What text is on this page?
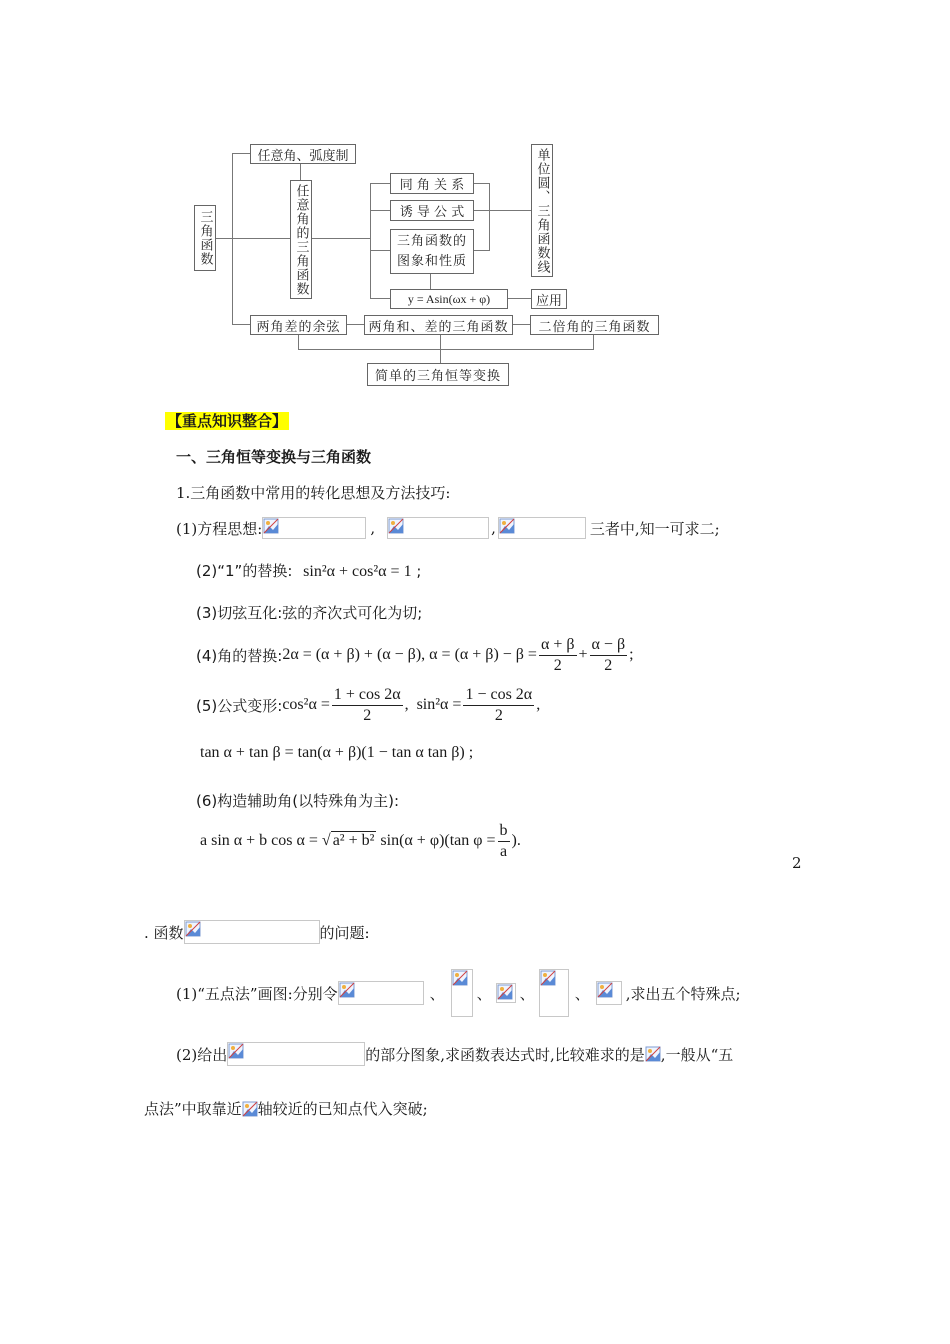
三角函数
任意角、弧度制
任意角的三角函数	同 角 关 系
诱 导 公 式
三角函数的
图象和性质
y = Asin(ωx + φ)
单位圆、三角函数线
应用
两角差的余弦	两角和、差的三角函数	二倍角的三角函数
简单的三角恒等变换
【重点知识整合】
一、三角恒等变换与三角函数
1.三角函数中常用的转化思想及方法技巧:
(1)方程思想:	,	,	三者中,知一可求二;
(2)“1”的替换: sin²α + cos²α = 1 ;
(3)切弦互化:弦的齐次式可化为切;
(4)角的替换: 2α = (α + β) + (α − β) , $\alpha = (\alpha + \beta) - \beta = \frac{\alpha + \beta}{2} + \frac{\alpha - \beta}{2}$ ;
(5)公式变形: $\cos^2\alpha = \frac{1 + \cos 2\alpha}{2}$ , $\sin^2\alpha = \frac{1 - \cos 2\alpha}{2}$ ,
tan α + tan β = tan(α + β)(1 − tan α tan β) ;
(6)构造辅助角(以特殊角为主):
a sin α + b cos α = √ a² + b² sin(α + φ)(tan $\varphi = \frac{b}{a}$ ).
2
. 函数	的问题:
(1)“五点法”画图:分别令	、 、 、	、 ,求出五个特殊点;
(2)给出	的部分图象,求函数表达式时,比较难求的是 ,一般从“五
点法”中取靠近 轴较近的已知点代入突破;
